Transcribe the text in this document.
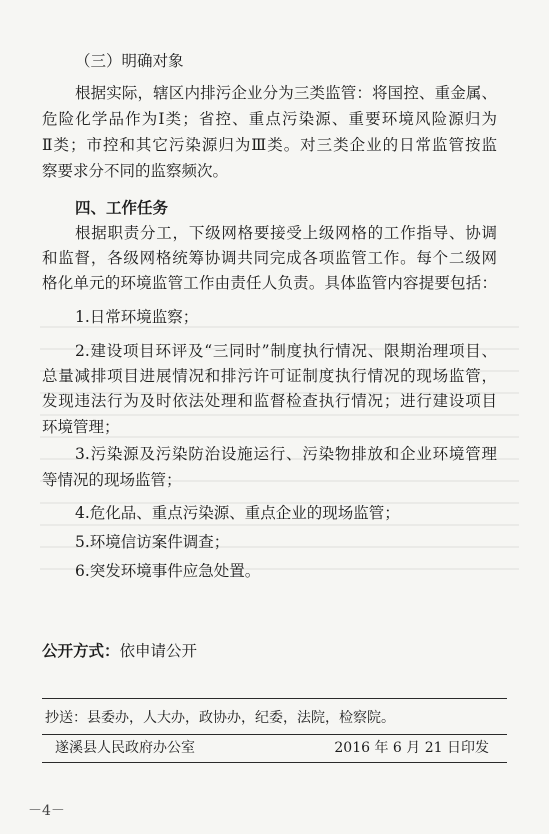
（三）明确对象
根据实际，辖区内排污企业分为三类监管：将国控、重金属、
危险化学品作为Ⅰ类；省控、重点污染源、重要环境风险源归为
Ⅱ类；市控和其它污染源归为Ⅲ类。对三类企业的日常监管按监
察要求分不同的监察频次。
四、工作任务
根据职责分工，下级网格要接受上级网格的工作指导、协调
和监督，各级网格统筹协调共同完成各项监管工作。每个二级网
格化单元的环境监管工作由责任人负责。具体监管内容提要包括：
1.日常环境监察；
2.建设项目环评及“三同时”制度执行情况、限期治理项目、
总量减排项目进展情况和排污许可证制度执行情况的现场监管，
发现违法行为及时依法处理和监督检查执行情况；进行建设项目
环境管理；
3.污染源及污染防治设施运行、污染物排放和企业环境管理
等情况的现场监管；
4.危化品、重点污染源、重点企业的现场监管；
5.环境信访案件调查；
6.突发环境事件应急处置。
公开方式：依申请公开
抄送：县委办，人大办，政协办，纪委，法院，检察院。
遂溪县人民政府办公室	2016 年 6 月 21 日印发
－4－
